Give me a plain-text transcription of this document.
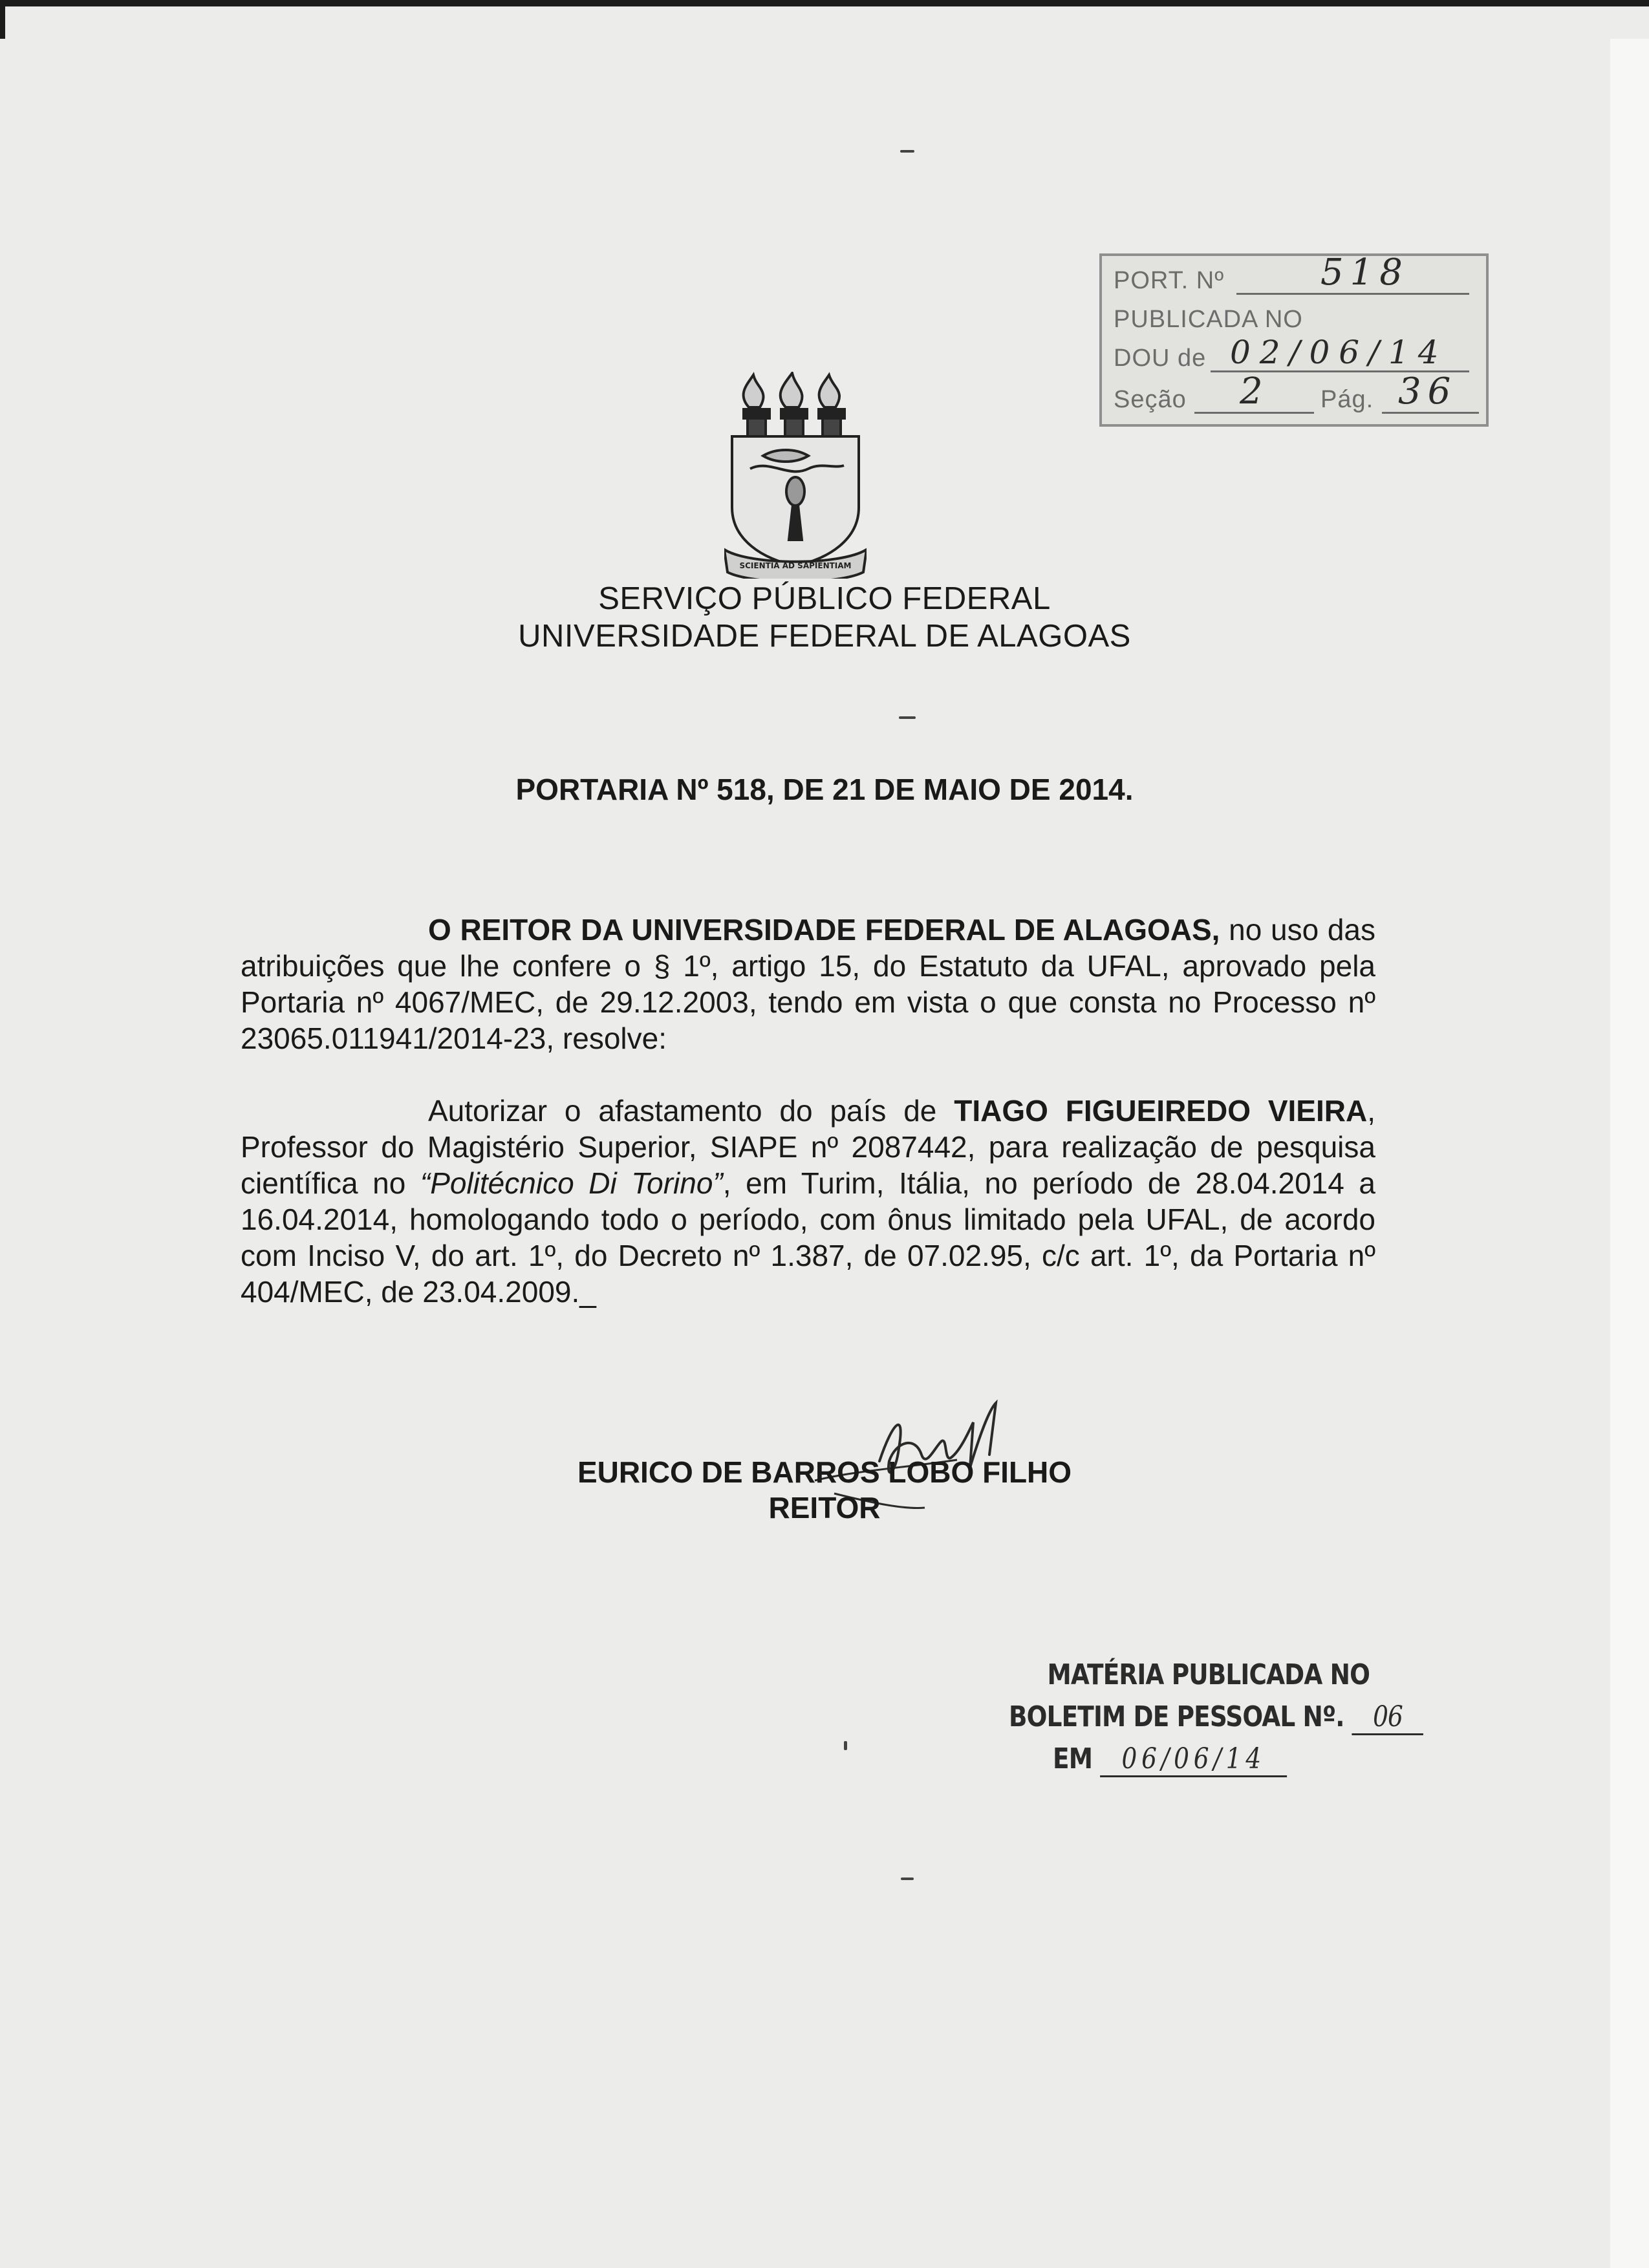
PORT. Nº	518
PUBLICADA NO
DOU de 02/06/14
Seção 2 Pág. 36
SCIENTIA AD SAPIENTIAM
SERVIÇO PÚBLICO FEDERAL
UNIVERSIDADE FEDERAL DE ALAGOAS
PORTARIA Nº 518, DE 21 DE MAIO DE 2014.
O REITOR DA UNIVERSIDADE FEDERAL DE ALAGOAS, no uso das atribuições que lhe confere o § 1º, artigo 15, do Estatuto da UFAL, aprovado pela Portaria nº 4067/MEC, de 29.12.2003, tendo em vista o que consta no Processo nº 23065.011941/2014-23, resolve:
Autorizar o afastamento do país de TIAGO FIGUEIREDO VIEIRA, Professor do Magistério Superior, SIAPE nº 2087442, para realização de pesquisa científica no “Politécnico Di Torino”, em Turim, Itália, no período de 28.04.2014 a 16.04.2014, homologando todo o período, com ônus limitado pela UFAL, de acordo com Inciso V, do art. 1º, do Decreto nº 1.387, de 07.02.95, c/c art. 1º, da Portaria nº 404/MEC, de 23.04.2009._
EURICO DE BARROS LOBO FILHO
REITOR
MATÉRIA PUBLICADA NO
BOLETIM DE PESSOAL Nº. 06
EM 06/06/14
